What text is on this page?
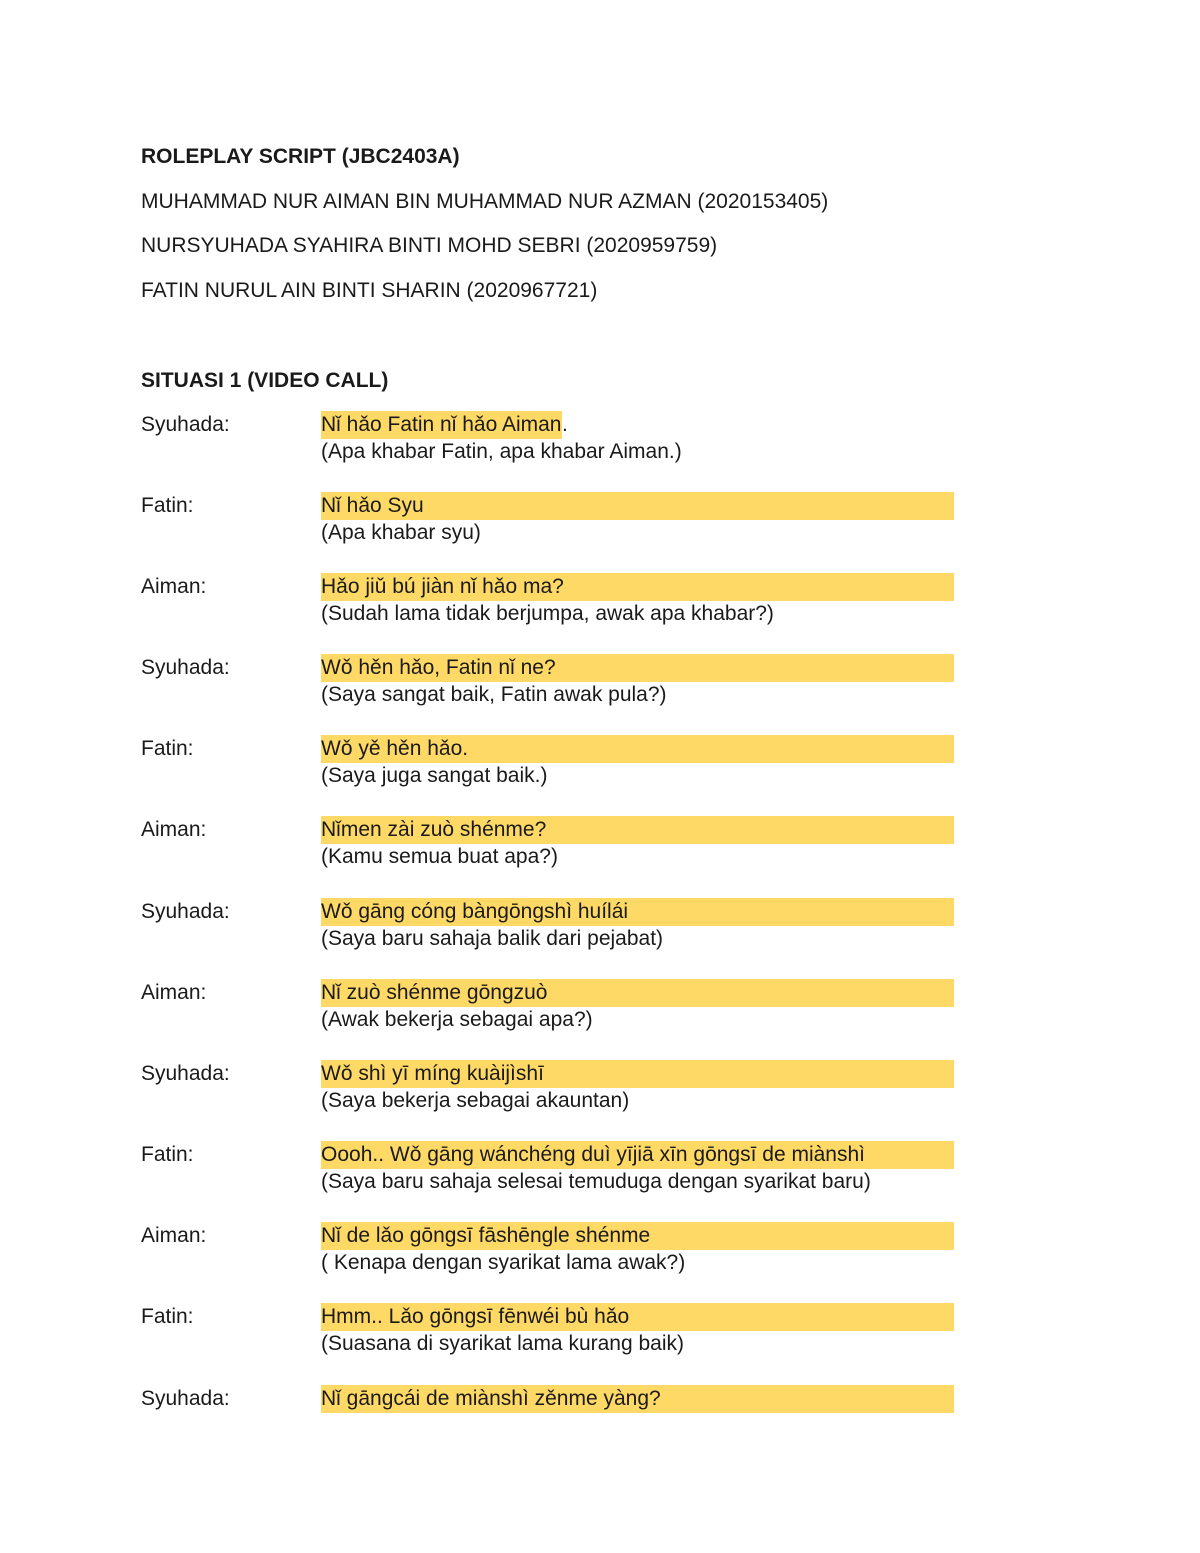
ROLEPLAY SCRIPT (JBC2403A)
MUHAMMAD NUR AIMAN BIN MUHAMMAD NUR AZMAN (2020153405)
NURSYUHADA SYAHIRA BINTI MOHD SEBRI (2020959759)
FATIN NURUL AIN BINTI SHARIN (2020967721)
SITUASI 1 (VIDEO CALL)
Syuhada:	Nǐ hǎo Fatin nǐ hǎo Aiman .
(Apa khabar Fatin, apa khabar Aiman.)
Fatin:	Nǐ hǎo Syu
(Apa khabar syu)
Aiman:	Hǎo jiǔ bú jiàn nǐ hǎo ma?
(Sudah lama tidak berjumpa, awak apa khabar?)
Syuhada:	Wǒ hěn hǎo, Fatin nǐ ne?
(Saya sangat baik, Fatin awak pula?)
Fatin:	Wǒ yě hěn hǎo.
(Saya juga sangat baik.)
Aiman:	Nǐmen zài zuò shénme?
(Kamu semua buat apa?)
Syuhada:	Wǒ gāng cóng bàngōngshì huílái
(Saya baru sahaja balik dari pejabat)
Aiman:	Nǐ zuò shénme gōngzuò
(Awak bekerja sebagai apa?)
Syuhada:	Wǒ shì yī míng kuàijìshī
(Saya bekerja sebagai akauntan)
Fatin:	Oooh.. Wǒ gāng wánchéng duì yījiā xīn gōngsī de miànshì
(Saya baru sahaja selesai temuduga dengan syarikat baru)
Aiman:	Nǐ de lǎo gōngsī fāshēngle shénme
( Kenapa dengan syarikat lama awak?)
Fatin:	Hmm.. Lǎo gōngsī fēnwéi bù hǎo
(Suasana di syarikat lama kurang baik)
Syuhada:	Nǐ gāngcái de miànshì zěnme yàng?
